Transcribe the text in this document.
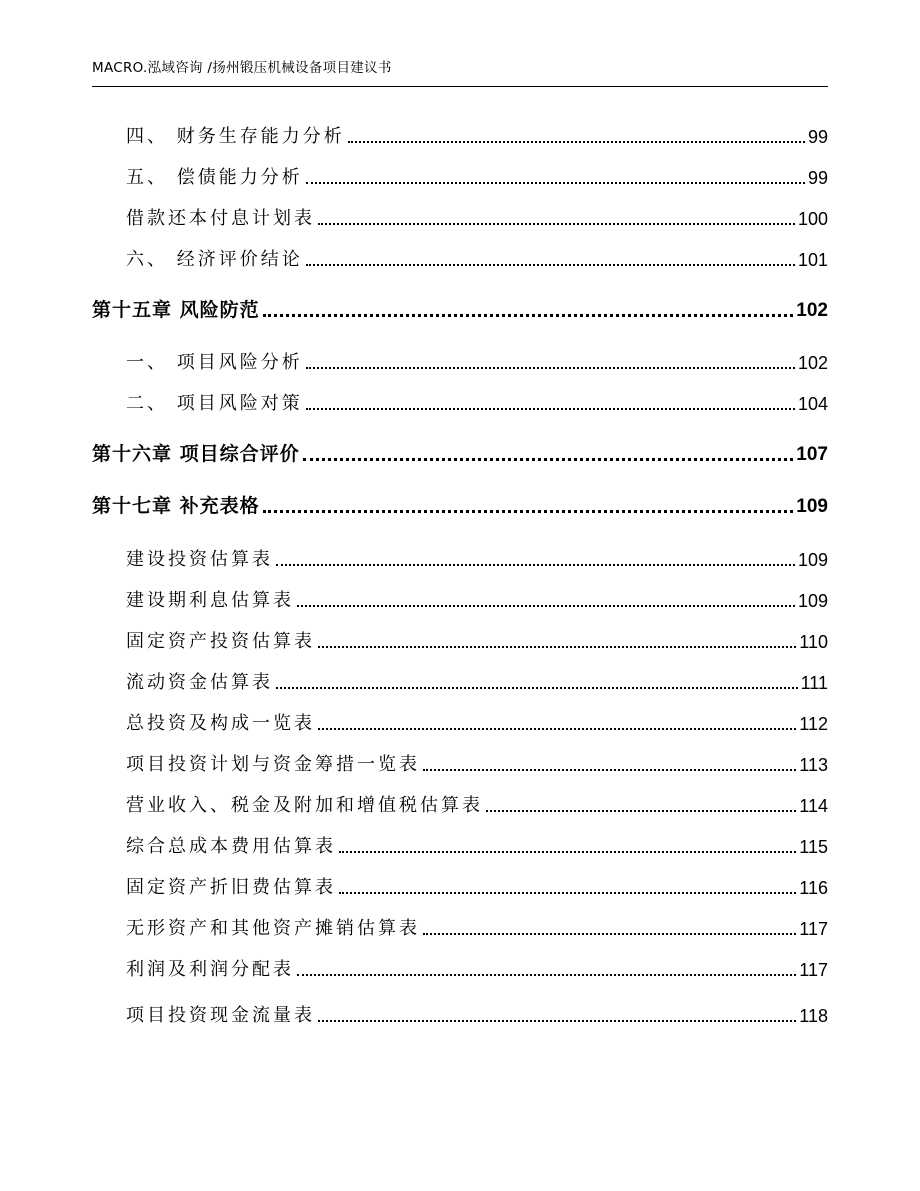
MACRO.泓域咨询 /扬州锻压机械设备项目建议书
四、 财务生存能力分析	99
五、 偿债能力分析	99
借款还本付息计划表	100
六、 经济评价结论	101
第十五章 风险防范	102
一、 项目风险分析	102
二、 项目风险对策	104
第十六章 项目综合评价	107
第十七章 补充表格	109
建设投资估算表	109
建设期利息估算表	109
固定资产投资估算表	110
流动资金估算表	111
总投资及构成一览表	112
项目投资计划与资金筹措一览表	113
营业收入、税金及附加和增值税估算表	114
综合总成本费用估算表	115
固定资产折旧费估算表	116
无形资产和其他资产摊销估算表	117
利润及利润分配表	117
项目投资现金流量表	118
